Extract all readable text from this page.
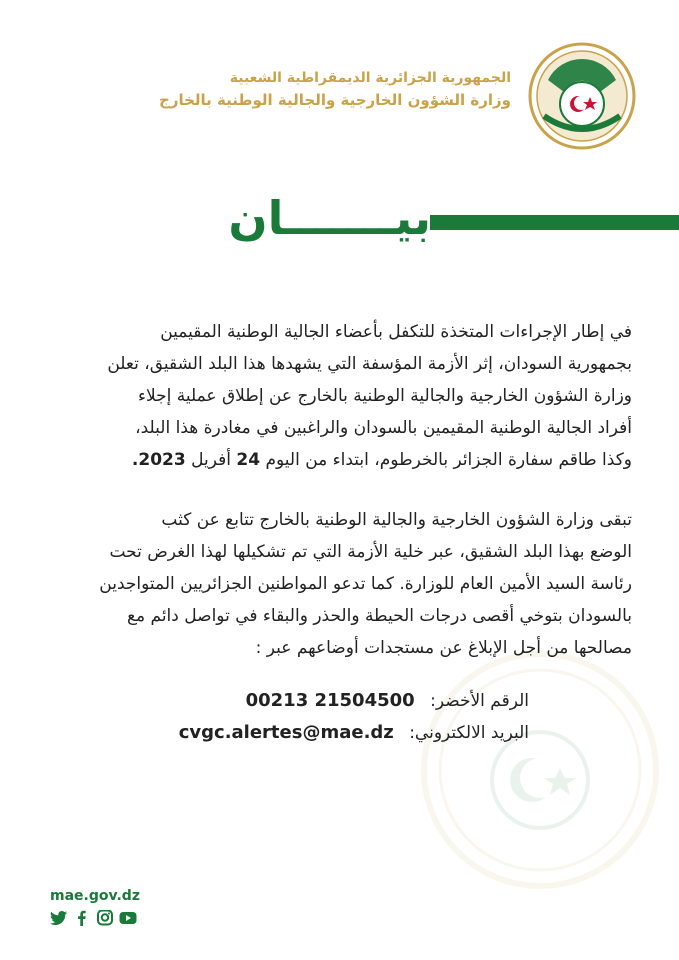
الجمهورية الجزائرية الديمقراطية الشعبية
وزارة الشؤون الخارجية والجالية الوطنية بالخارج
بيـــــــان
في إطار الإجراءات المتخذة للتكفل بأعضاء الجالية الوطنية المقيمين
بجمهورية السودان، إثر الأزمة المؤسفة التي يشهدها هذا البلد الشقيق، تعلن
وزارة الشؤون الخارجية والجالية الوطنية بالخارج عن إطلاق عملية إجلاء
أفراد الجالية الوطنية المقيمين بالسودان والراغبين في مغادرة هذا البلد،
وكذا طاقم سفارة الجزائر بالخرطوم، ابتداء من اليوم 24 أفريل 2023.
تبقى وزارة الشؤون الخارجية والجالية الوطنية بالخارج تتابع عن كثب
الوضع بهذا البلد الشقيق، عبر خلية الأزمة التي تم تشكيلها لهذا الغرض تحت
رئاسة السيد الأمين العام للوزارة. كما تدعو المواطنين الجزائريين المتواجدين
بالسودان بتوخي أقصى درجات الحيطة والحذر والبقاء في تواصل دائم مع
مصالحها من أجل الإبلاغ عن مستجدات أوضاعهم عبر :
الرقم الأخضر: 00213 21504500
البريد الالكتروني: cvgc.alertes@mae.dz
mae.gov.dz
